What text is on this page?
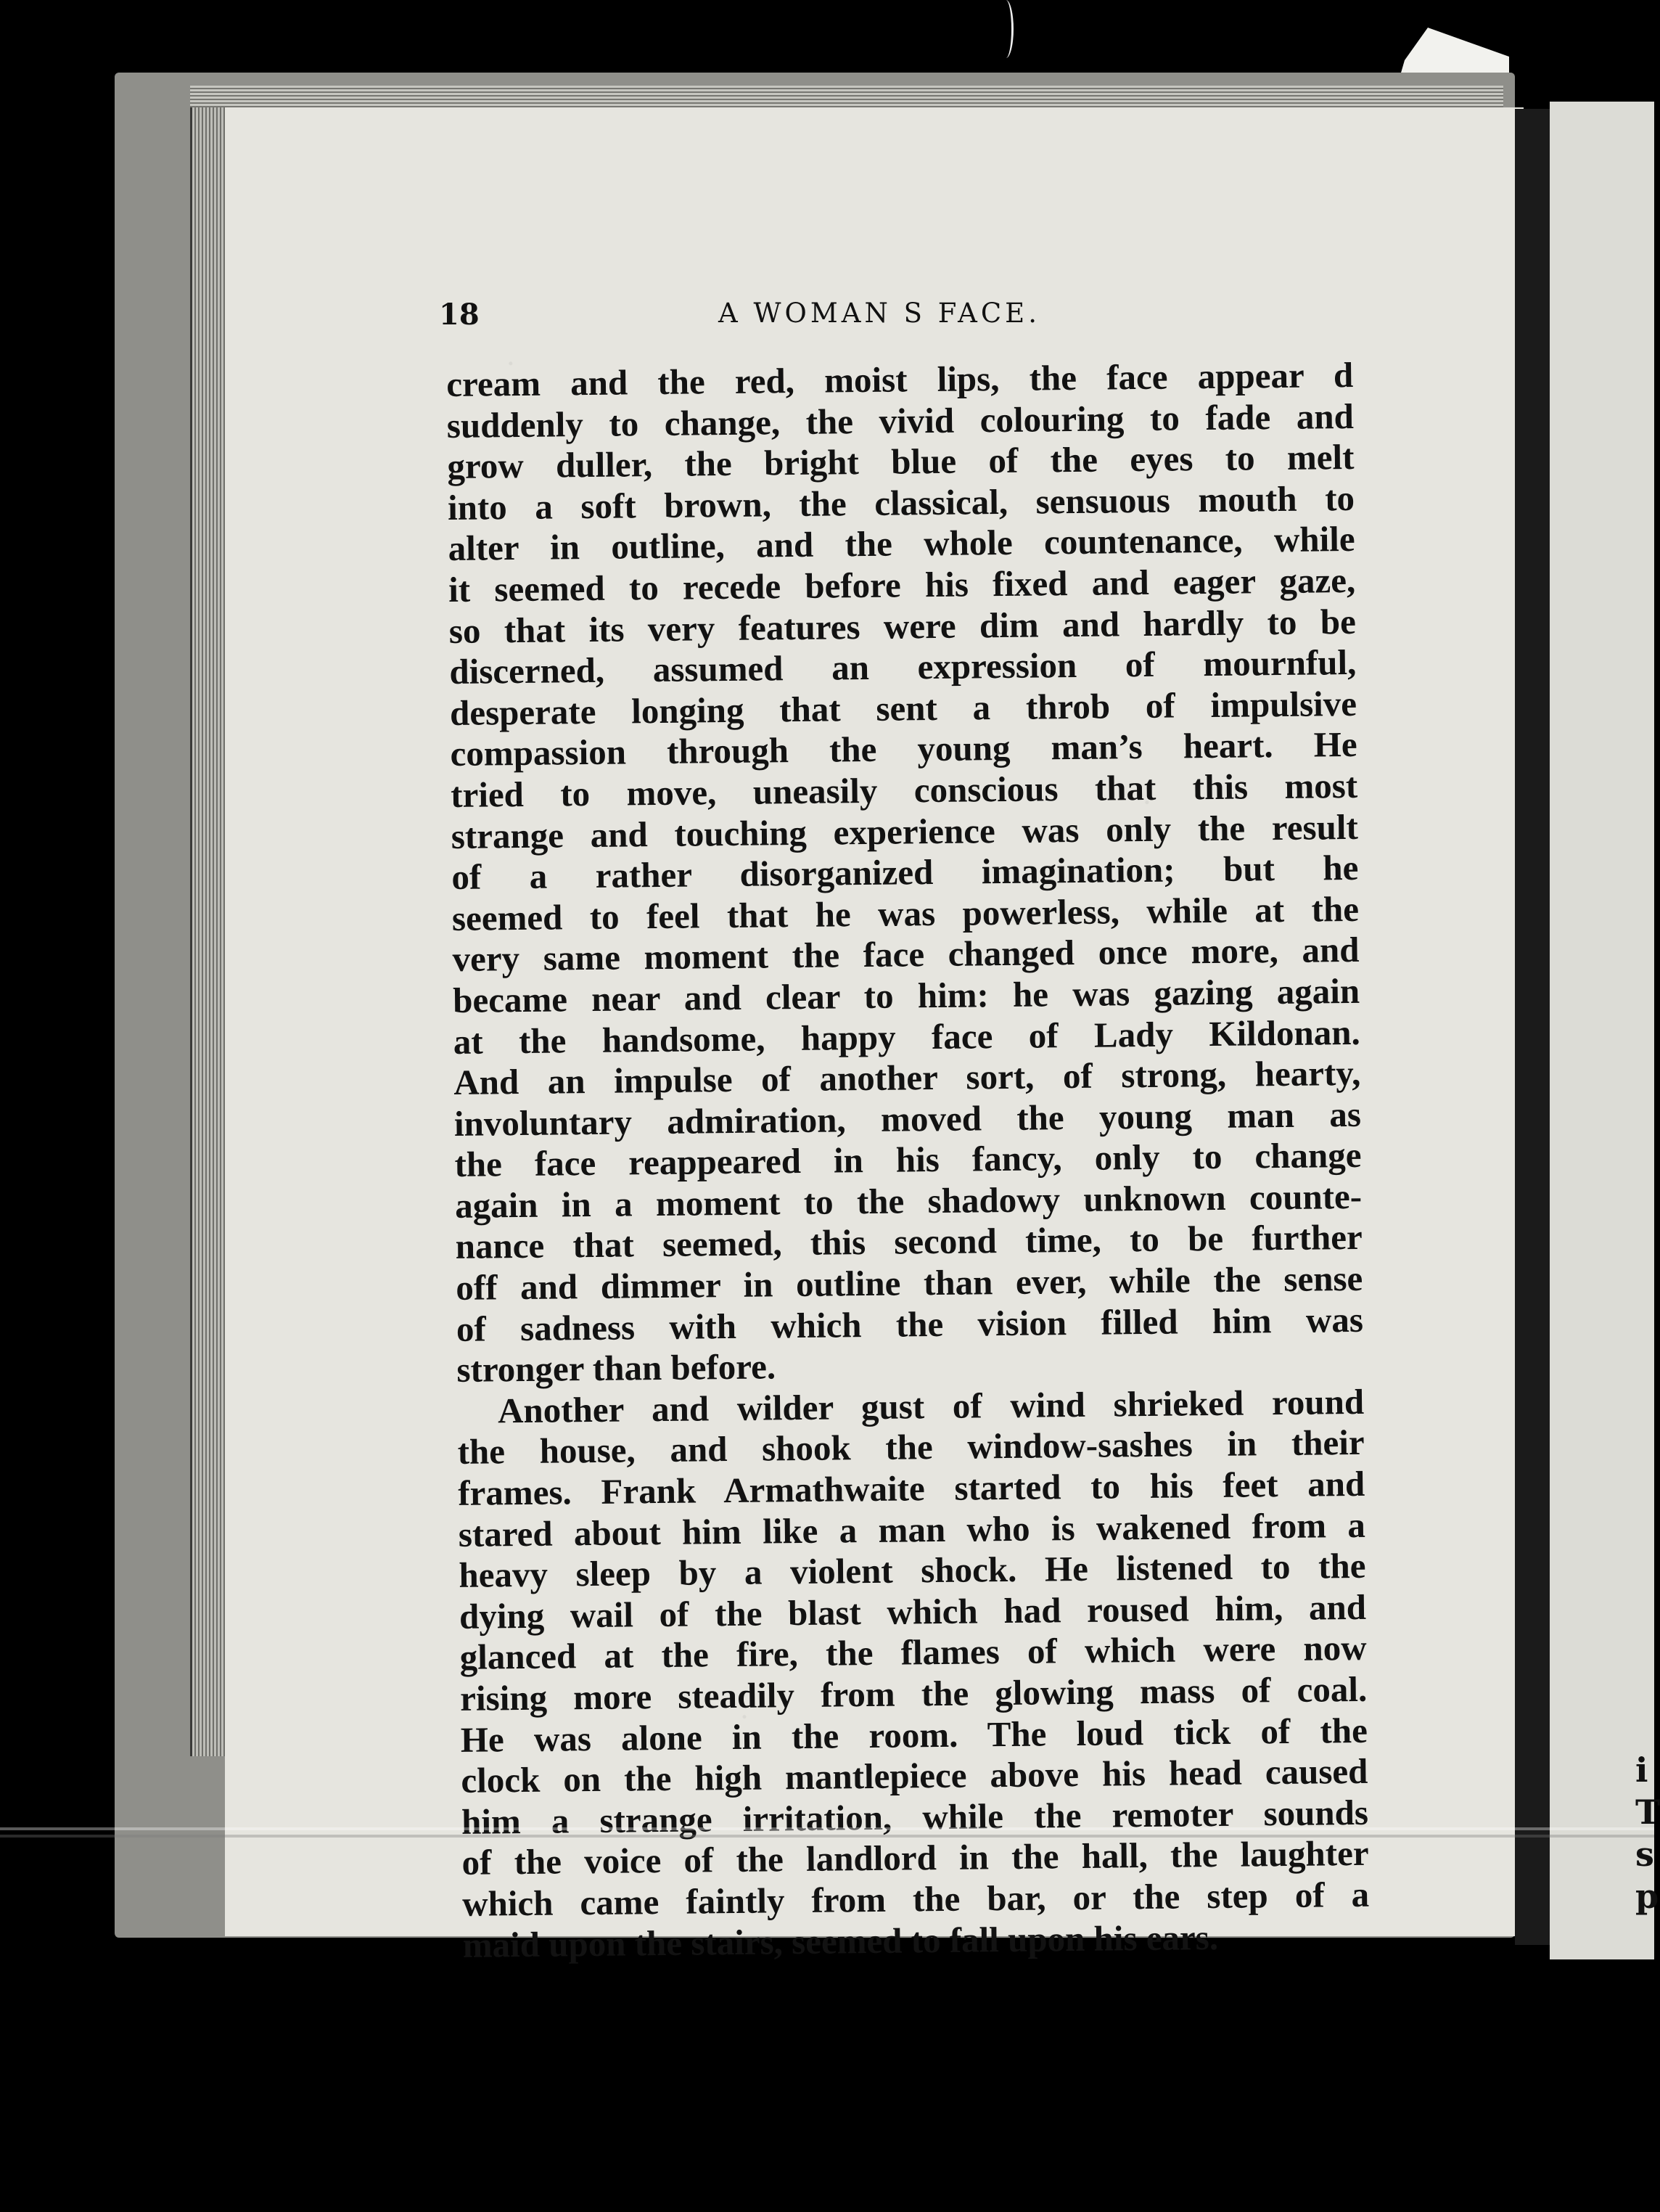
i
T
s
p
18	A WOMAN S FACE.
cream and the red, moist lips, the face appear d
suddenly to change, the vivid colouring to fade and
grow duller, the bright blue of the eyes to melt
into a soft brown, the classical, sensuous mouth to
alter in outline, and the whole countenance, while
it seemed to recede before his fixed and eager gaze,
so that its very features were dim and hardly to be
discerned, assumed an expression of mournful,
desperate longing that sent a throb of impulsive
compassion through the young man’s heart. He
tried to move, uneasily conscious that this most
strange and touching experience was only the result
of a rather disorganized imagination; but he
seemed to feel that he was powerless, while at the
very same moment the face changed once more, and
became near and clear to him: he was gazing again
at the handsome, happy face of Lady Kildonan.
And an impulse of another sort, of strong, hearty,
involuntary admiration, moved the young man as
the face reappeared in his fancy, only to change
again in a moment to the shadowy unknown counte-
nance that seemed, this second time, to be further
off and dimmer in outline than ever, while the sense
of sadness with which the vision filled him was
stronger than before.
Another and wilder gust of wind shrieked round
the house, and shook the window-sashes in their
frames. Frank Armathwaite started to his feet and
stared about him like a man who is wakened from a
heavy sleep by a violent shock. He listened to the
dying wail of the blast which had roused him, and
glanced at the fire, the flames of which were now
rising more steadily from the glowing mass of coal.
He was alone in the room. The loud tick of the
clock on the high mantlepiece above his head caused
him a strange irritation, while the remoter sounds
of the voice of the landlord in the hall, the laughter
which came faintly from the bar, or the step of a
maid upon the stairs, seemed to fall upon his ears.
